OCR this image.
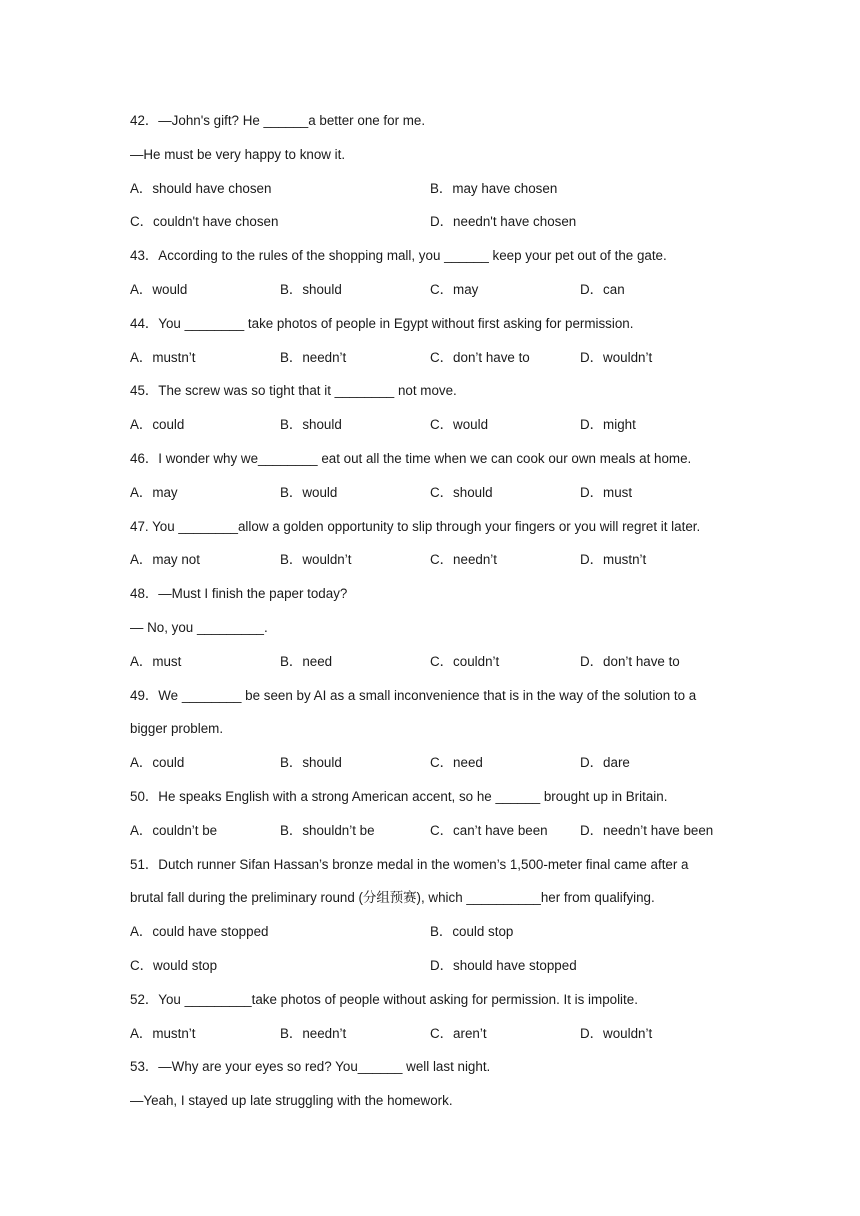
42．—John's gift? He ______a better one for me.
—He must be very happy to know it.
A．should have chosen	B．may have chosen
C．couldn't have chosen	D．needn't have chosen
43．According to the rules of the shopping mall, you ______ keep your pet out of the gate.
A．would	B．should	C．may	D．can
44．You ________ take photos of people in Egypt without first asking for permission.
A．mustn’t	B．needn’t	C．don’t have to	D．wouldn’t
45．The screw was so tight that it ________ not move.
A．could	B．should	C．would	D．might
46．I wonder why we________ eat out all the time when we can cook our own meals at home.
A．may	B．would	C．should	D．must
47. You ________allow a golden opportunity to slip through your fingers or you will regret it later.
A．may not	B．wouldn’t	C．needn’t	D．mustn’t
48．—Must I finish the paper today?
— No, you _________.
A．must	B．need	C．couldn’t	D．don’t have to
49．We ________ be seen by AI as a small inconvenience that is in the way of the solution to a
bigger problem.
A．could	B．should	C．need	D．dare
50．He speaks English with a strong American accent, so he ______ brought up in Britain.
A．couldn’t be	B．shouldn’t be	C．can’t have been D．needn’t have been
51．Dutch runner Sifan Hassan’s bronze medal in the women’s 1,500-meter final came after a
brutal fall during the preliminary round (分组预赛), which __________her from qualifying.
A．could have stopped	B．could stop
C．would stop	D．should have stopped
52．You _________take photos of people without asking for permission. It is impolite.
A．mustn’t	B．needn’t	C．aren’t	D．wouldn’t
53．—Why are your eyes so red? You______ well last night.
—Yeah, I stayed up late struggling with the homework.
